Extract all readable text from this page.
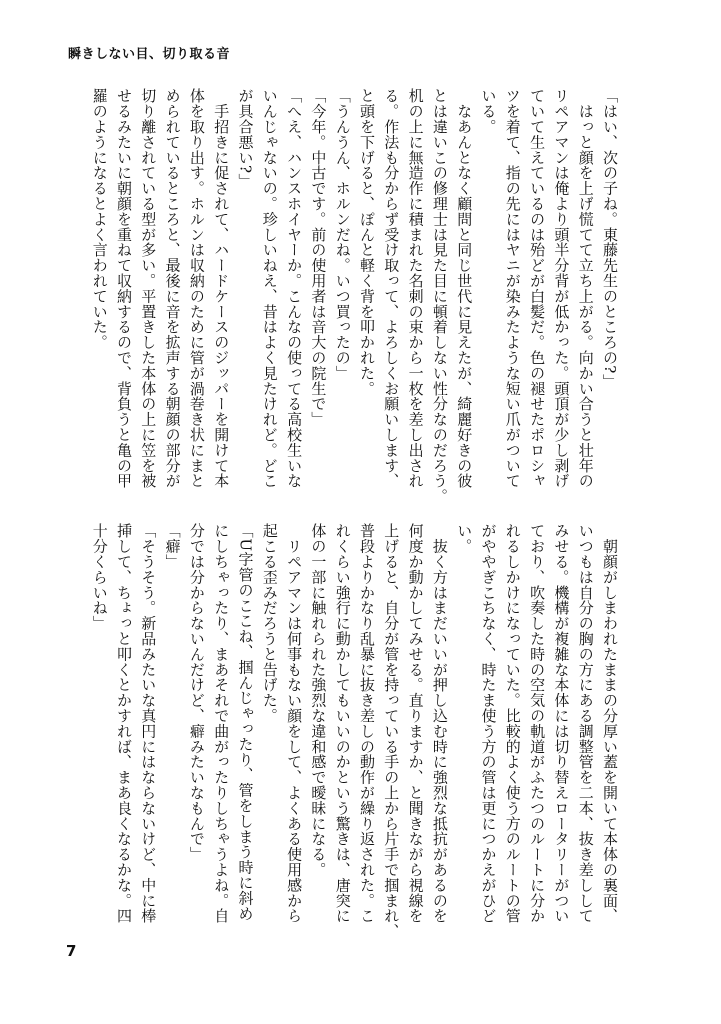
瞬きしない目、切り取る音
「はい、次の子ね。東藤先生のところの?」
　はっと顔を上げ慌てて立ち上がる。向かい合うと壮年の
リペアマンは俺より頭半分背が低かった。頭頂が少し剥げ
ていて生えているのは殆どが白髪だ。色の褪せたポロシャ
ツを着て、指の先にはヤニが染みたような短い爪がついて
いる。
　なあんとなく顧問と同じ世代に見えたが、綺麗好きの彼
とは違いこの修理士は見た目に頓着しない性分なのだろう。
机の上に無造作に積まれた名刺の束から一枚を差し出され
る。作法も分からず受け取って、よろしくお願いします、
と頭を下げると、ぽんと軽く背を叩かれた。
「うんうん、ホルンだね。いつ買ったの」
「今年。中古です。前の使用者は音大の院生で」
「へえ、ハンスホイヤーか。こんなの使ってる高校生いな
いんじゃないの。珍しいねえ、昔はよく見たけれど。どこ
が具合悪い?」
　手招きに促されて、ハードケースのジッパーを開けて本
体を取り出す。ホルンは収納のために管が渦巻き状にまと
められているところと、最後に音を拡声する朝顔の部分が
切り離されている型が多い。平置きした本体の上に笠を被
せるみたいに朝顔を重ねて収納するので、背負うと亀の甲
羅のようになるとよく言われていた。
　朝顔がしまわれたままの分厚い蓋を開いて本体の裏面、
いつもは自分の胸の方にある調整管を二本、抜き差しして
みせる。機構が複雑な本体には切り替えロータリーがつい
ており、吹奏した時の空気の軌道がふたつのルートに分か
れるしかけになっていた。比較的よく使う方のルートの管
がややぎこちなく、時たま使う方の管は更につかえがひど
い。
　抜く方はまだいいが押し込む時に強烈な抵抗があるのを
何度か動かしてみせる。直りますか、と聞きながら視線を
上げると、自分が管を持っている手の上から片手で掴まれ、
普段よりかなり乱暴に抜き差しの動作が繰り返された。こ
れくらい強行に動かしてもいいのかという驚きは、唐突に
体の一部に触れられた強烈な違和感で曖昧になる。
　リペアマンは何事もない顔をして、よくある使用感から
起こる歪みだろうと告げた。
「U字管のここね、掴んじゃったり、管をしまう時に斜め
にしちゃったり、まあそれで曲がったりしちゃうよね。自
分では分からないんだけど、癖みたいなもんで」
「癖」
「そうそう。新品みたいな真円にはならないけど、中に棒
挿して、ちょっと叩くとかすれば、まあ良くなるかな。四
十分くらいね」
7
